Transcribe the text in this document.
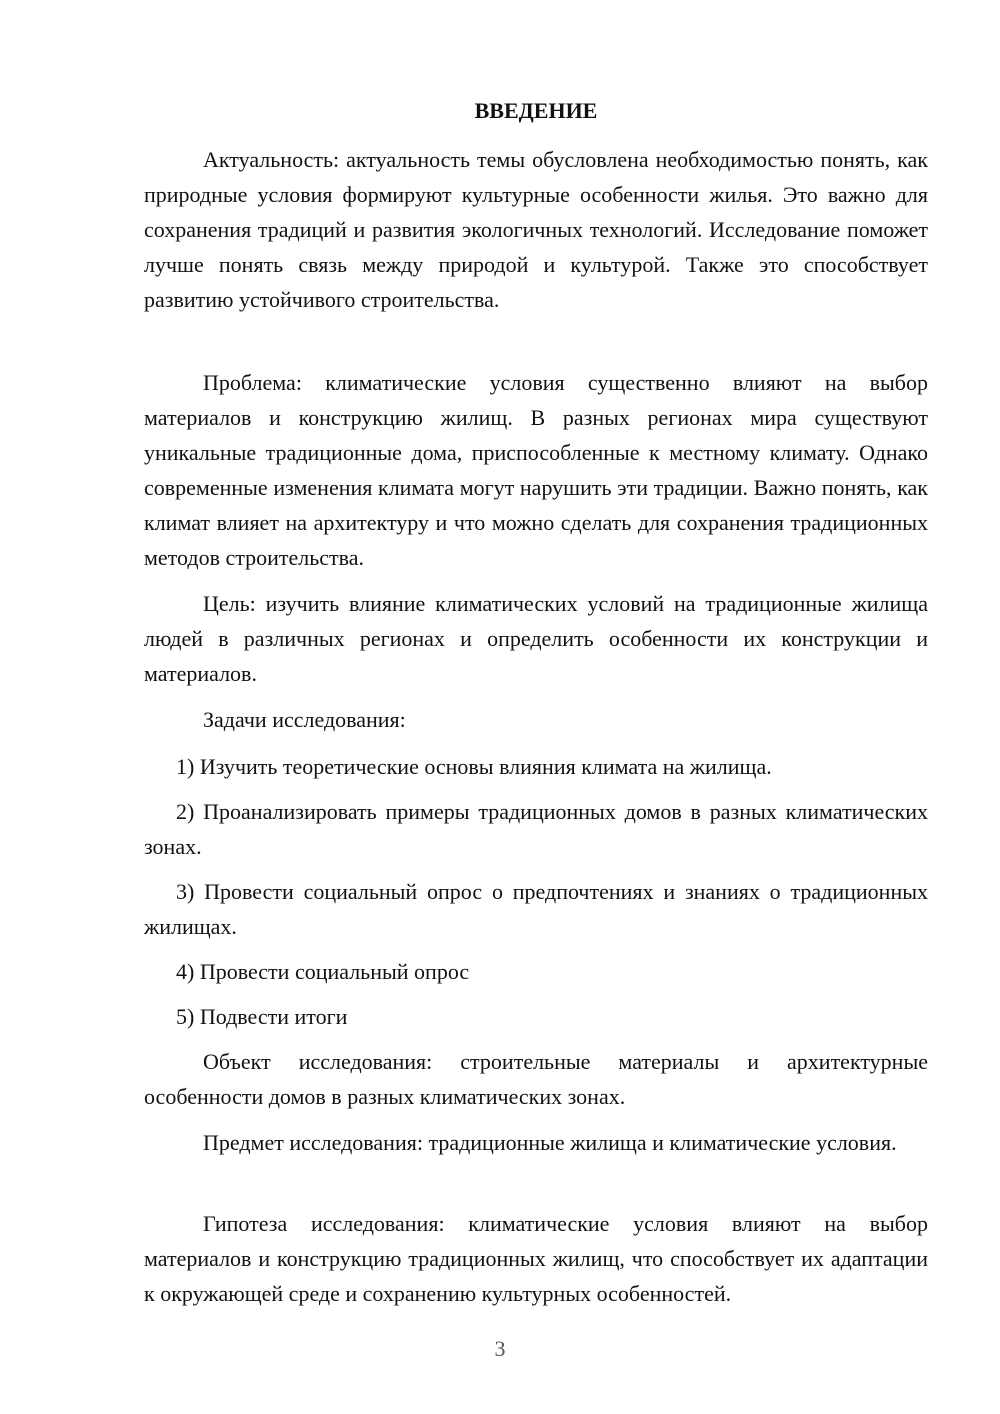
ВВЕДЕНИЕ

Актуальность: актуальность темы обусловлена необходимостью понять, как природные условия формируют культурные особенности жилья. Это важно для сохранения традиций и развития экологичных технологий. Исследование поможет лучше понять связь между природой и культурой. Также это способствует развитию устойчивого строительства.

Проблема: климатические условия существенно влияют на выбор материалов и конструкцию жилищ. В разных регионах мира существуют уникальные традиционные дома, приспособленные к местному климату. Однако современные изменения климата могут нарушить эти традиции. Важно понять, как климат влияет на архитектуру и что можно сделать для сохранения традиционных методов строительства.

Цель: изучить влияние климатических условий на традиционные жилища людей в различных регионах и определить особенности их конструкции и материалов.

Задачи исследования:

1) Изучить теоретические основы влияния климата на жилища.

2) Проанализировать примеры традиционных домов в разных климатических зонах.

3) Провести социальный опрос о предпочтениях и знаниях о традиционных жилищах.

4) Провести социальный опрос

5) Подвести итоги

Объект исследования: строительные материалы и архитектурные особенности домов в разных климатических зонах.

Предмет исследования: традиционные жилища и климатические условия.

Гипотеза исследования: климатические условия влияют на выбор материалов и конструкцию традиционных жилищ, что способствует их адаптации к окружающей среде и сохранению культурных особенностей.

3
